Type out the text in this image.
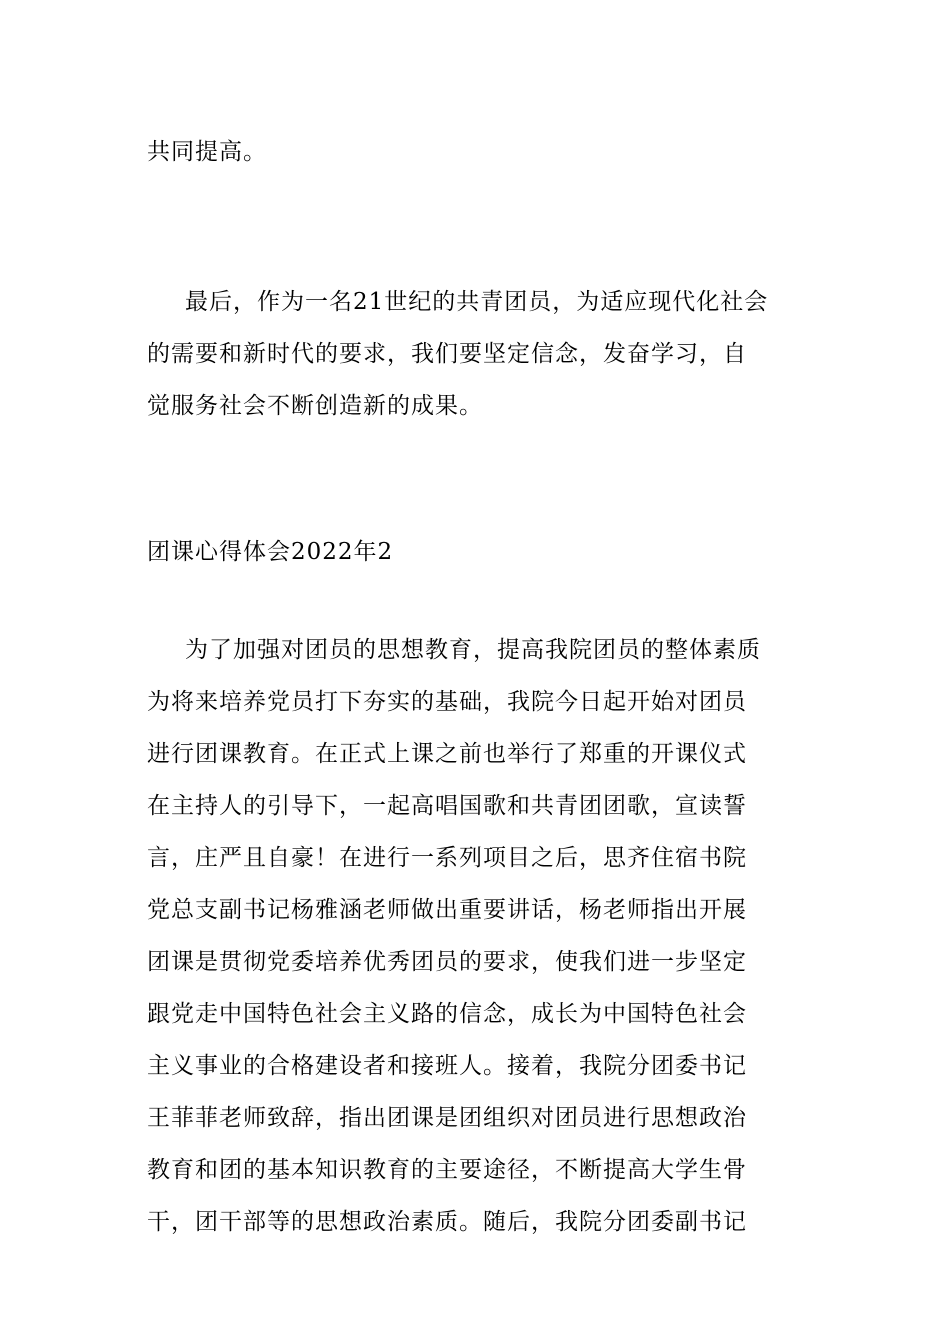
共同提高。
最后，作为一名21世纪的共青团员，为适应现代化社会
的需要和新时代的要求，我们要坚定信念，发奋学习，自
觉服务社会不断创造新的成果。
团课心得体会2022年2
为了加强对团员的思想教育，提高我院团员的整体素质
为将来培养党员打下夯实的基础，我院今日起开始对团员
进行团课教育。在正式上课之前也举行了郑重的开课仪式
在主持人的引导下，一起高唱国歌和共青团团歌，宣读誓
言，庄严且自豪！在进行一系列项目之后，思齐住宿书院
党总支副书记杨雅涵老师做出重要讲话，杨老师指出开展
团课是贯彻党委培养优秀团员的要求，使我们进一步坚定
跟党走中国特色社会主义路的信念，成长为中国特色社会
主义事业的合格建设者和接班人。接着，我院分团委书记
王菲菲老师致辞，指出团课是团组织对团员进行思想政治
教育和团的基本知识教育的主要途径，不断提高大学生骨
干，团干部等的思想政治素质。随后，我院分团委副书记
